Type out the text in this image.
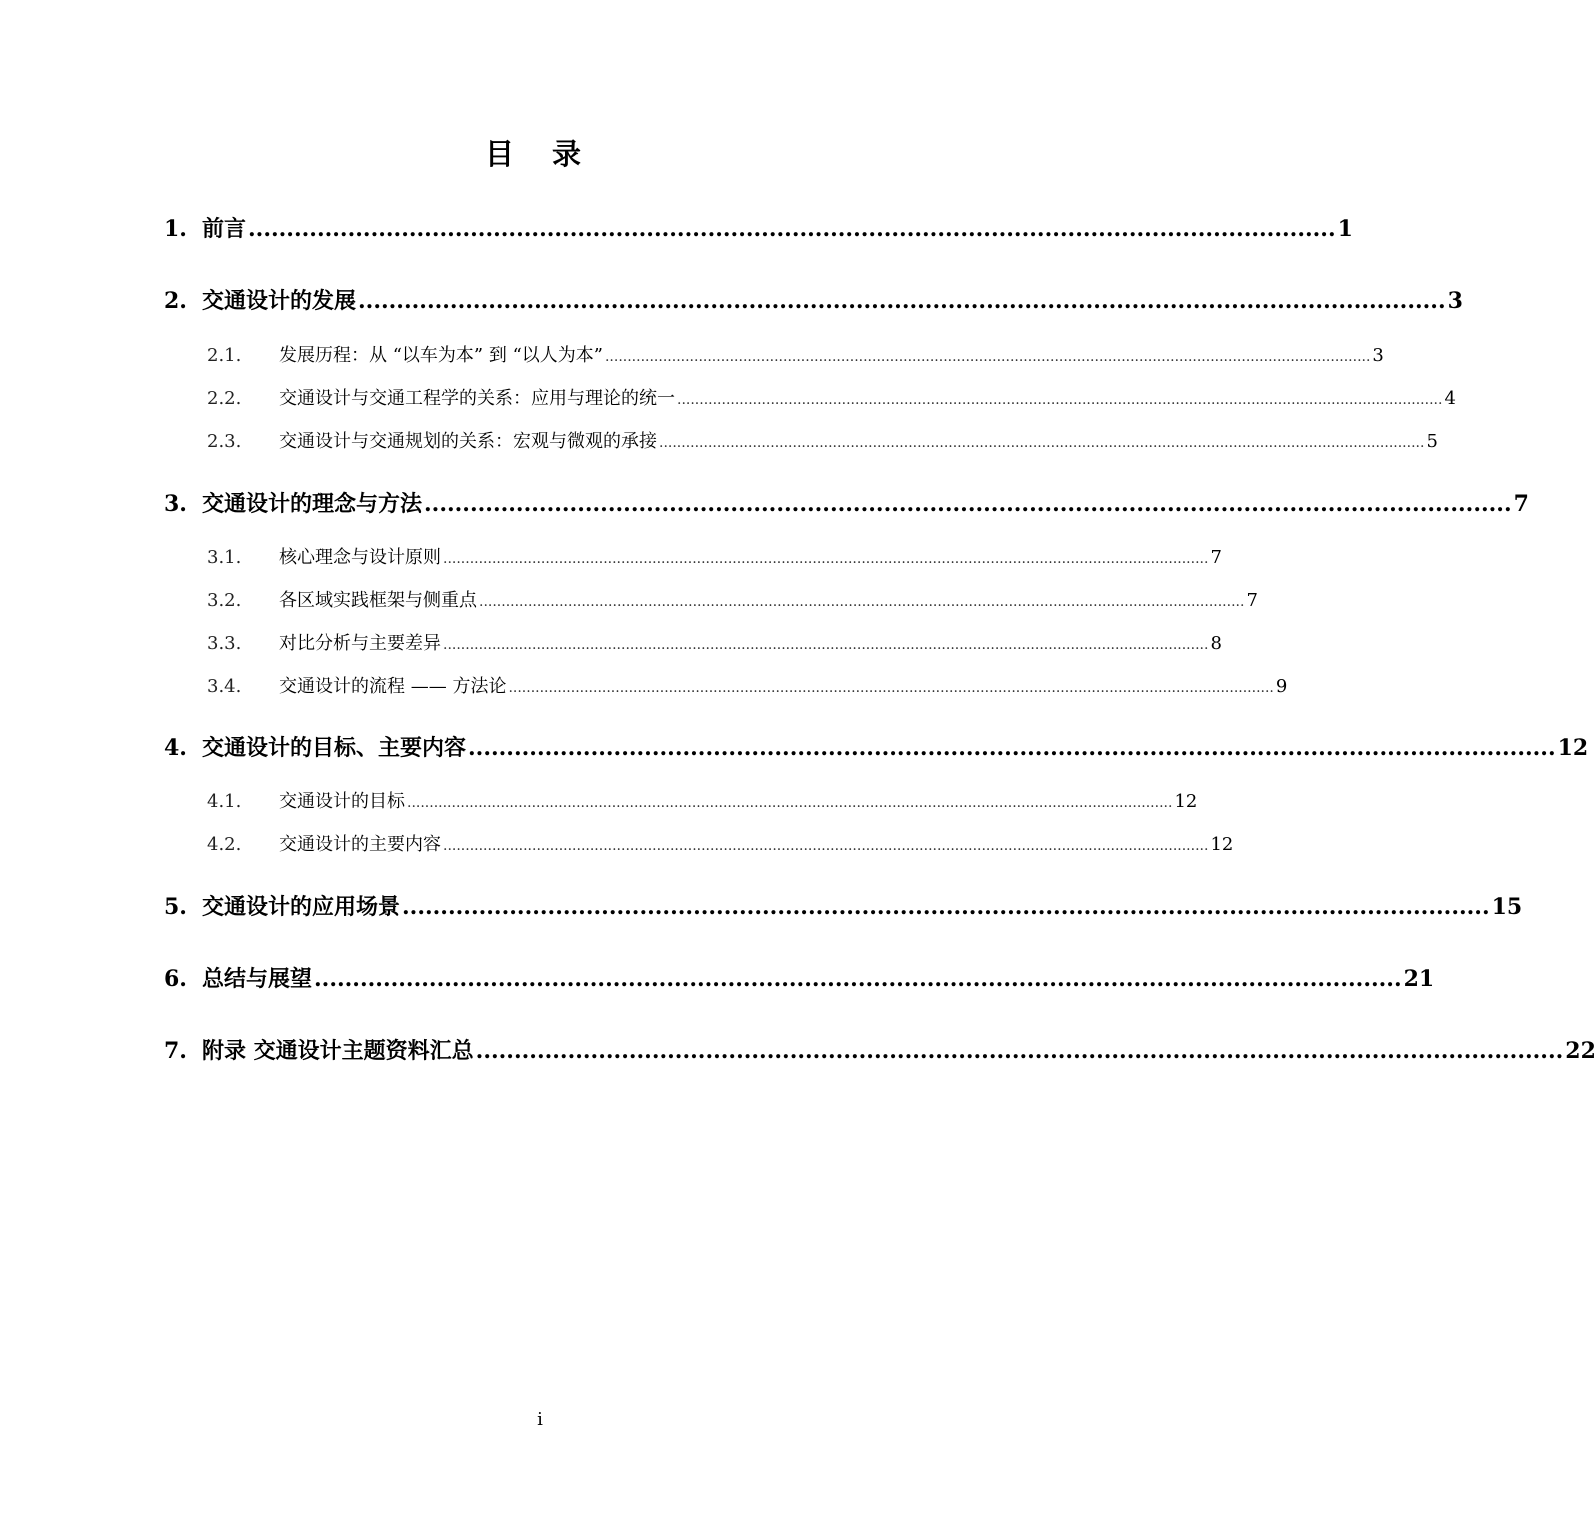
目 录
1. 前言 .............................................................................................................................................. 1
2. 交通设计的发展 .............................................................................................................................................. 3
2.1.	发展历程：从 “以车为本” 到 “以人为本” ............................................................................................................................................................................ 3
2.2.	交通设计与交通工程学的关系：应用与理论的统一 ............................................................................................................................................................................ 4
2.3.	交通设计与交通规划的关系：宏观与微观的承接 ............................................................................................................................................................................ 5
3. 交通设计的理念与方法 .............................................................................................................................................. 7
3.1.	核心理念与设计原则 ............................................................................................................................................................................ 7
3.2.	各区域实践框架与侧重点 ............................................................................................................................................................................ 7
3.3.	对比分析与主要差异 ............................................................................................................................................................................ 8
3.4.	交通设计的流程 —— 方法论 ............................................................................................................................................................................ 9
4. 交通设计的目标、主要内容 .............................................................................................................................................. 12
4.1.	交通设计的目标 ............................................................................................................................................................................ 12
4.2.	交通设计的主要内容 ............................................................................................................................................................................ 12
5. 交通设计的应用场景 .............................................................................................................................................. 15
6. 总结与展望 .............................................................................................................................................. 21
7. 附录 交通设计主题资料汇总 .............................................................................................................................................. 22
i
